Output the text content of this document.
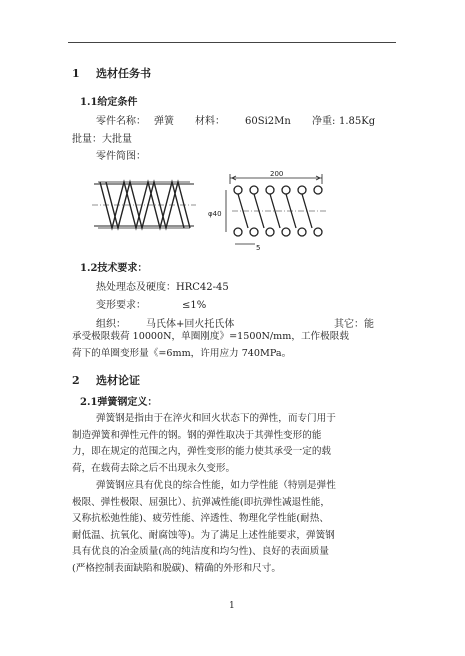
1 选材任务书
1.1给定条件
零件名称： 弹簧 材料： 60Si2Mn 净重: 1.85Kg
批量：大批量
零件简图：
200
φ40
5
1.2技术要求：
热处理态及硬度：HRC42-45
变形要求：	≤1%
组织： 马氏体+回火托氏体	其它：能
承受极限载荷 10000N，单圈刚度》=1500N/mm，工作极限载
荷下的单圈变形量《=6mm，许用应力 740MPa。
2 选材论证
2.1弹簧钢定义：
弹簧钢是指由于在淬火和回火状态下的弹性，而专门用于
制造弹簧和弹性元件的钢。钢的弹性取决于其弹性变形的能
力，即在规定的范围之内，弹性变形的能力使其承受一定的载
荷，在载荷去除之后不出现永久变形。
弹簧钢应具有优良的综合性能，如力学性能（特别是弹性
极限、弹性极限、屈强比）、抗弹减性能(即抗弹性减退性能，
又称抗松弛性能)、疲劳性能、淬透性、物理化学性能(耐热、
耐低温、抗氧化、耐腐蚀等)。为了满足上述性能要求，弹簧钢
具有优良的冶金质量(高的纯洁度和均匀性)、良好的表面质量
(严格控制表面缺陷和脱碳)、精确的外形和尺寸。
1
